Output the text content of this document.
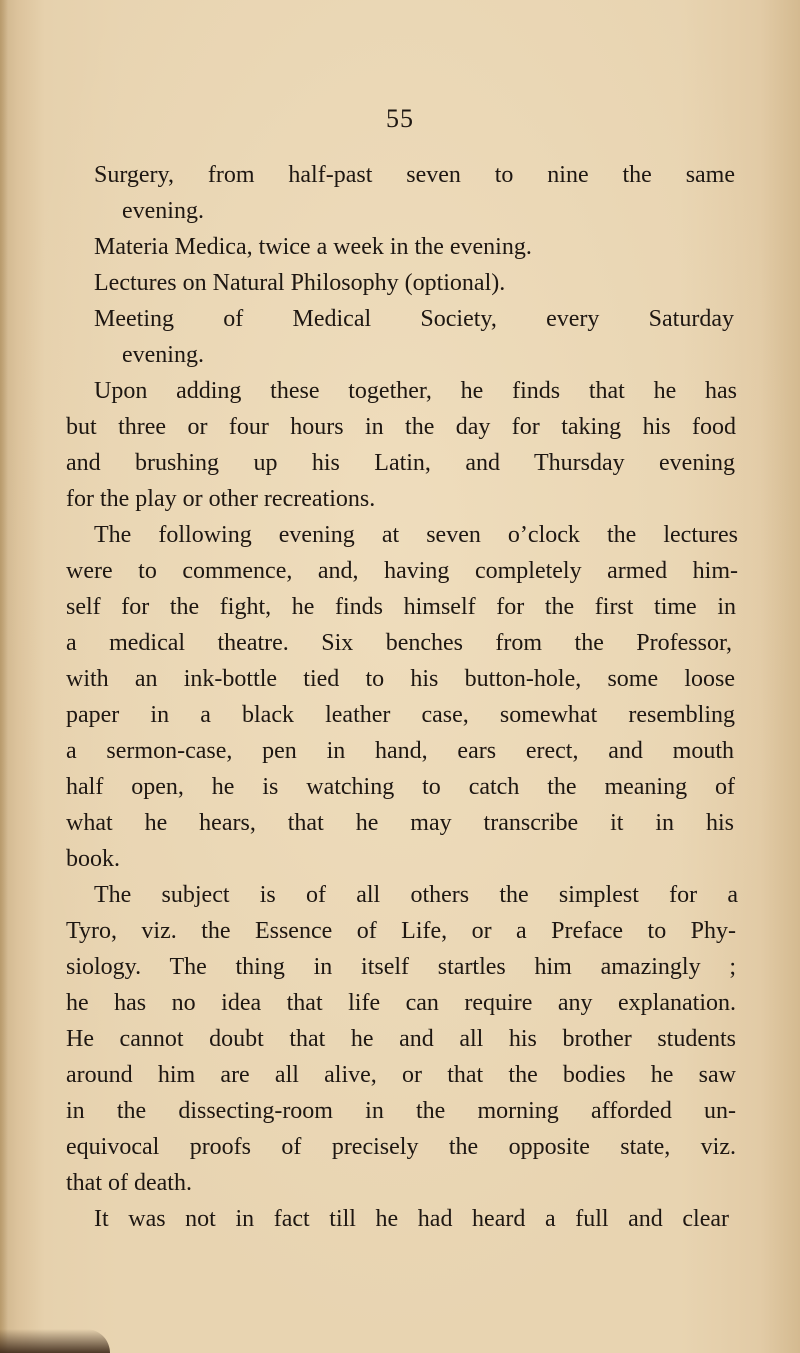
55
Surgery, from half-past seven to nine the same
evening.
Materia Medica, twice a week in the evening.
Lectures on Natural Philosophy (optional).
Meeting of Medical Society, every Saturday
evening.
Upon adding these together, he finds that he has
but three or four hours in the day for taking his food
and brushing up his Latin, and Thursday evening
for the play or other recreations.
The following evening at seven o’clock the lectures
were to commence, and, having completely armed him-
self for the fight, he finds himself for the first time in
a medical theatre. Six benches from the Professor,
with an ink-bottle tied to his button-hole, some loose
paper in a black leather case, somewhat resembling
a sermon-case, pen in hand, ears erect, and mouth
half open, he is watching to catch the meaning of
what he hears, that he may transcribe it in his
book.
The subject is of all others the simplest for a
Tyro, viz. the Essence of Life, or a Preface to Phy-
siology. The thing in itself startles him amazingly ;
he has no idea that life can require any explanation.
He cannot doubt that he and all his brother students
around him are all alive, or that the bodies he saw
in the dissecting-room in the morning afforded un-
equivocal proofs of precisely the opposite state, viz.
that of death.
It was not in fact till he had heard a full and clear
